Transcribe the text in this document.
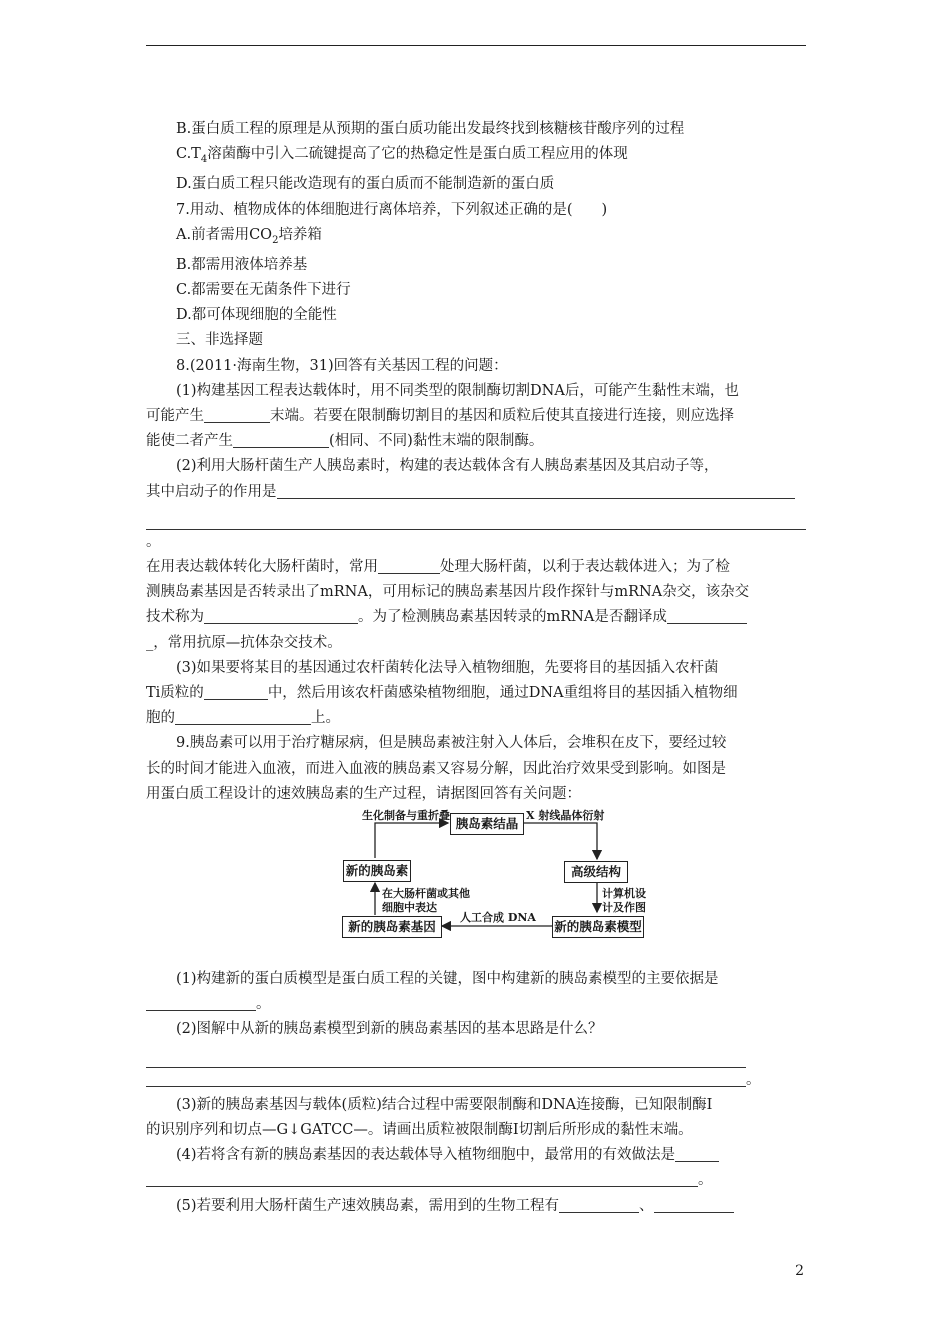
B.蛋白质工程的原理是从预期的蛋白质功能出发最终找到核糖核苷酸序列的过程

$C.T_4$溶菌酶中引入二硫键提高了它的热稳定性是蛋白质工程应用的体现

D.蛋白质工程只能改造现有的蛋白质而不能制造新的蛋白质

7.用动、植物成体的体细胞进行离体培养，下列叙述正确的是(　　)

A.前者需用$CO_2$培养箱

B.都需用液体培养基

C.都需要在无菌条件下进行

D.都可体现细胞的全能性

三、非选择题

8.(2011·海南生物，31)回答有关基因工程的问题：

(1)构建基因工程表达载体时，用不同类型的限制酶切割DNA后，可能产生黏性末端，也

可能产生	末端。若要在限制酶切割目的基因和质粒后使其直接进行连接，则应选择

能使二者产生	(相同、不同)黏性末端的限制酶。

(2)利用大肠杆菌生产人胰岛素时，构建的表达载体含有人胰岛素基因及其启动子等，

其中启动子的作用是

。

在用表达载体转化大肠杆菌时，常用	处理大肠杆菌，以利于表达载体进入；为了检

测胰岛素基因是否转录出了mRNA，可用标记的胰岛素基因片段作探针与mRNA杂交，该杂交

技术称为	。为了检测胰岛素基因转录的mRNA是否翻译成

_，常用抗原—抗体杂交技术。

(3)如果要将某目的基因通过农杆菌转化法导入植物细胞，先要将目的基因插入农杆菌

Ti质粒的	中，然后用该农杆菌感染植物细胞，通过DNA重组将目的基因插入植物细

胞的	上。

9.胰岛素可以用于治疗糖尿病，但是胰岛素被注射入人体后，会堆积在皮下，要经过较

长的时间才能进入血液，而进入血液的胰岛素又容易分解，因此治疗效果受到影响。如图是

用蛋白质工程设计的速效胰岛素的生产过程，请据图回答有关问题：

胰岛素结晶
新的胰岛素	高级结构
新的胰岛素基因	新的胰岛素模型
生化制备与重折叠	X 射线晶体衍射
在大肠杆菌或其他
细胞中表达
计算机设
计及作图
人工合成 DNA

(1)构建新的蛋白质模型是蛋白质工程的关键，图中构建新的胰岛素模型的主要依据是

。

(2)图解中从新的胰岛素模型到新的胰岛素基因的基本思路是什么？

。

(3)新的胰岛素基因与载体(质粒)结合过程中需要限制酶和DNA连接酶，已知限制酶Ⅰ

的识别序列和切点—G↓GATCC—。请画出质粒被限制酶Ⅰ切割后所形成的黏性末端。

(4)若将含有新的胰岛素基因的表达载体导入植物细胞中，最常用的有效做法是

。

(5)若要利用大肠杆菌生产速效胰岛素，需用到的生物工程有	、

2
